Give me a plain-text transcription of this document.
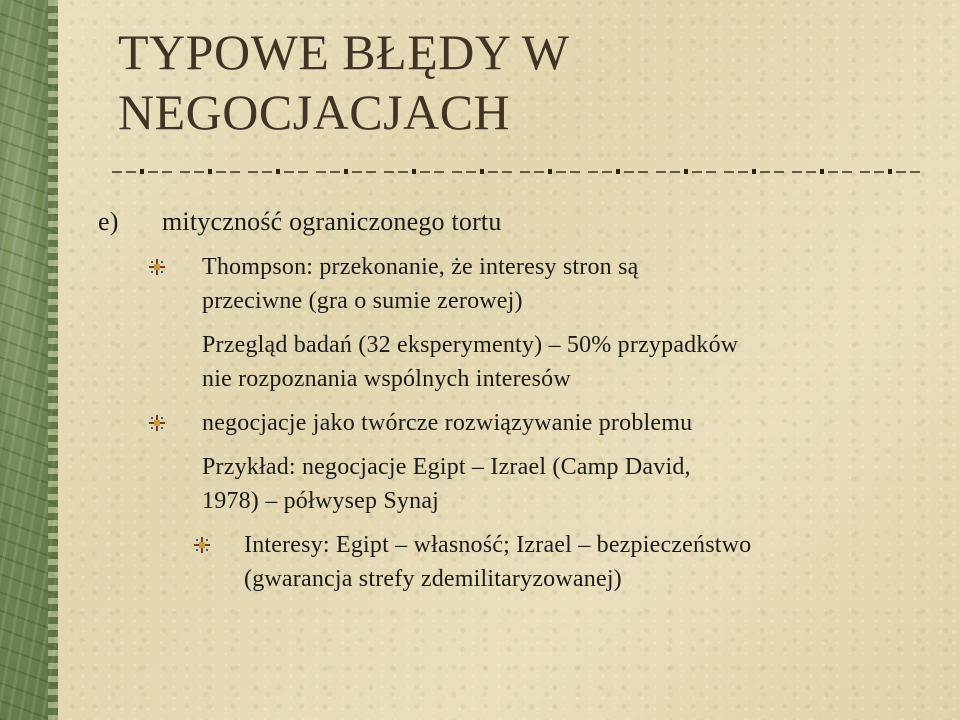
TYPOWE BŁĘDY W
NEGOCJACJACH
e) mityczność ograniczonego tortu
Thompson: przekonanie, że interesy stron są
przeciwne (gra o sumie zerowej)
Przegląd badań (32 eksperymenty) – 50% przypadków
nie rozpoznania wspólnych interesów
negocjacje jako twórcze rozwiązywanie problemu
Przykład: negocjacje Egipt – Izrael (Camp David,
1978) – półwysep Synaj
Interesy: Egipt – własność; Izrael – bezpieczeństwo
(gwarancja strefy zdemilitaryzowanej)
